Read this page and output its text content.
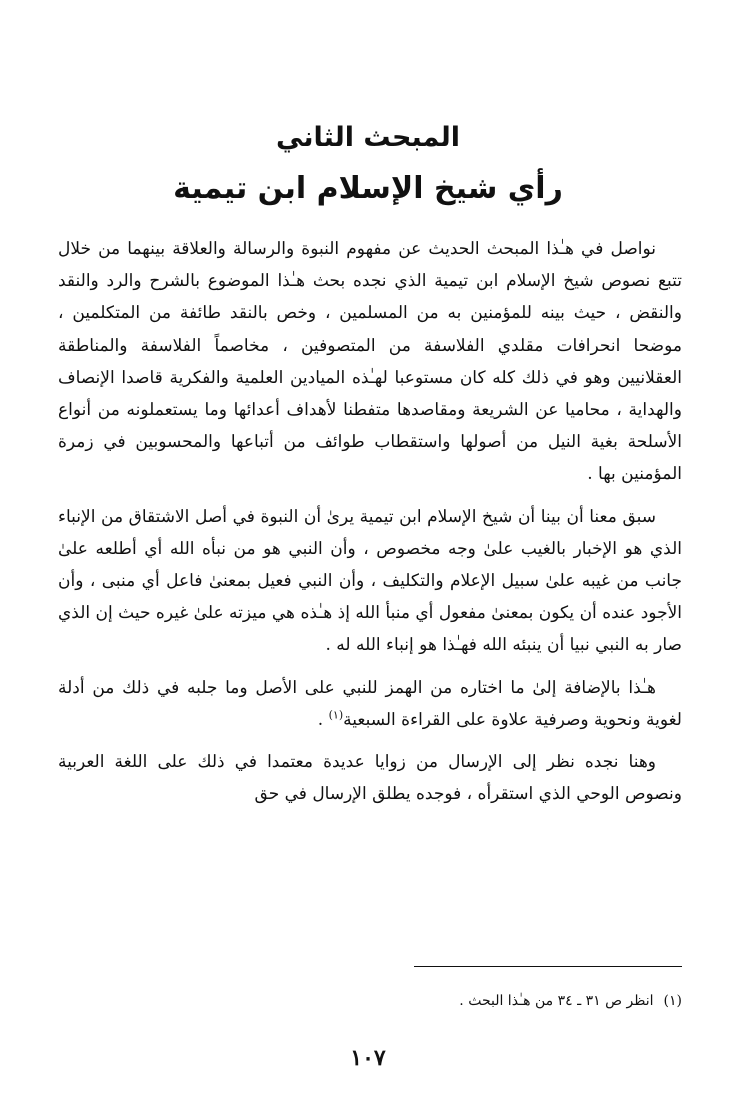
المبحث الثاني
رأي شيخ الإسلام ابن تيمية

نواصل في هـٰذا المبحث الحديث عن مفهوم النبوة والرسالة والعلاقة بينهما من خلال تتبع نصوص شيخ الإسلام ابن تيمية الذي نجده بحث هـٰذا الموضوع بالشرح والرد والنقد والنقض ، حيث بينه للمؤمنين به من المسلمين ، وخص بالنقد طائفة من المتكلمين ، موضحا انحرافات مقلدي الفلاسفة من المتصوفين ، مخاصماً الفلاسفة والمناطقة العقلانيين وهو في ذلك كله كان مستوعبا لهـٰذه الميادين العلمية والفكرية قاصدا الإنصاف والهداية ، محاميا عن الشريعة ومقاصدها متفطنا لأهداف أعدائها وما يستعملونه من أنواع الأسلحة بغية النيل من أصولها واستقطاب طوائف من أتباعها والمحسوبين في زمرة المؤمنين بها .

سبق معنا أن بينا أن شيخ الإسلام ابن تيمية يرىٰ أن النبوة في أصل الاشتقاق من الإنباء الذي هو الإخبار بالغيب علىٰ وجه مخصوص ، وأن النبي هو من نبأه الله أي أطلعه علىٰ جانب من غيبه علىٰ سبيل الإعلام والتكليف ، وأن النبي فعيل بمعنىٰ فاعل أي منبى ، وأن الأجود عنده أن يكون بمعنىٰ مفعول أي منبأ الله إذ هـٰذه هي ميزته علىٰ غيره حيث إن الذي صار به النبي نبيا أن ينبئه الله فهـٰذا هو إنباء الله له .

هـٰذا بالإضافة إلىٰ ما اختاره من الهمز للنبي على الأصل وما جلبه في ذلك من أدلة لغوية ونحوية وصرفية علاوة على القراءة السبعية$^{(١)}$ .

وهنا نجده نظر إلى الإرسال من زوايا عديدة معتمدا في ذلك على اللغة العربية ونصوص الوحي الذي استقرأه ، فوجده يطلق الإرسال في حق

(١)انظر ص ٣١ ـ ٣٤ من هـٰذا البحث .
١٠٧
